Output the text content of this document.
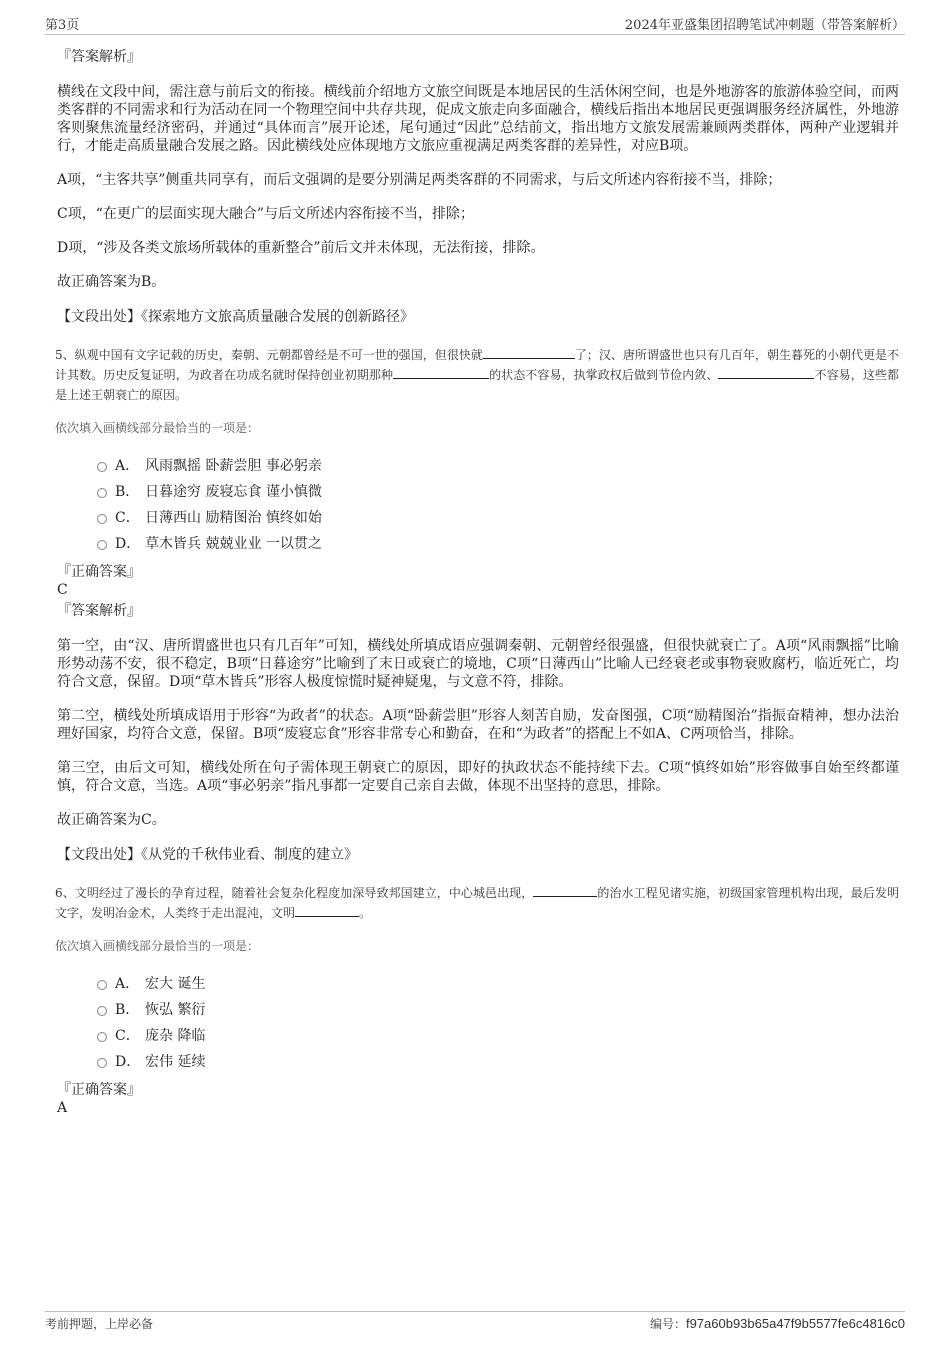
第3页	2024年亚盛集团招聘笔试冲刺题（带答案解析）

『答案解析』

横线在文段中间，需注意与前后文的衔接。横线前介绍地方文旅空间既是本地居民的生活休闲空间，也是外地游客的旅游体验空间，而两类客群的不同需求和行为活动在同一个物理空间中共存共现，促成文旅走向多面融合，横线后指出本地居民更强调服务经济属性，外地游客则聚焦流量经济密码，并通过“具体而言”展开论述，尾句通过“因此”总结前文，指出地方文旅发展需兼顾两类群体，两种产业逻辑并行，才能走高质量融合发展之路。因此横线处应体现地方文旅应重视满足两类客群的差异性，对应B项。

A项，“主客共享”侧重共同享有，而后文强调的是要分别满足两类客群的不同需求，与后文所述内容衔接不当，排除；

C项，“在更广的层面实现大融合”与后文所述内容衔接不当，排除；

D项，“涉及各类文旅场所载体的重新整合”前后文并未体现，无法衔接，排除。

故正确答案为B。

【文段出处】《探索地方文旅高质量融合发展的创新路径》

5、纵观中国有文字记载的历史，秦朝、元朝都曾经是不可一世的强国，但很快就	了；汉、唐所谓盛世也只有几百年，朝生暮死的小朝代更是不计其数。历史反复证明，为政者在功成名就时保持创业初期那种	的状态不容易，执掌政权后做到节俭内敛、	不容易，这些都是上述王朝衰亡的原因。

依次填入画横线部分最恰当的一项是：

A． 风雨飘摇 卧薪尝胆 事必躬亲
B． 日暮途穷 废寝忘食 谨小慎微
C． 日薄西山 励精图治 慎终如始
D． 草木皆兵 兢兢业业 一以贯之

『正确答案』

C

『答案解析』

第一空，由“汉、唐所谓盛世也只有几百年”可知，横线处所填成语应强调秦朝、元朝曾经很强盛，但很快就衰亡了。A项“风雨飘摇”比喻形势动荡不安，很不稳定，B项“日暮途穷”比喻到了末日或衰亡的境地，C项“日薄西山”比喻人已经衰老或事物衰败腐朽，临近死亡，均符合文意，保留。D项“草木皆兵”形容人极度惊慌时疑神疑鬼，与文意不符，排除。

第二空，横线处所填成语用于形容“为政者”的状态。A项“卧薪尝胆”形容人刻苦自励，发奋图强，C项“励精图治”指振奋精神，想办法治理好国家，均符合文意，保留。B项“废寝忘食”形容非常专心和勤奋，在和“为政者”的搭配上不如A、C两项恰当，排除。

第三空，由后文可知，横线处所在句子需体现王朝衰亡的原因，即好的执政状态不能持续下去。C项“慎终如始”形容做事自始至终都谨慎，符合文意，当选。A项“事必躬亲”指凡事都一定要自己亲自去做，体现不出坚持的意思，排除。

故正确答案为C。

【文段出处】《从党的千秋伟业看、制度的建立》

6、文明经过了漫长的孕育过程，随着社会复杂化程度加深导致邦国建立，中心城邑出现，	的治水工程见诸实施，初级国家管理机构出现，最后发明文字，发明冶金术，人类终于走出混沌，文明	。

依次填入画横线部分最恰当的一项是：

A． 宏大 诞生
B． 恢弘 繁衍
C． 庞杂 降临
D． 宏伟 延续

『正确答案』

A

考前押题，上岸必备	编号：f97a60b93b65a47f9b5577fe6c4816c0
